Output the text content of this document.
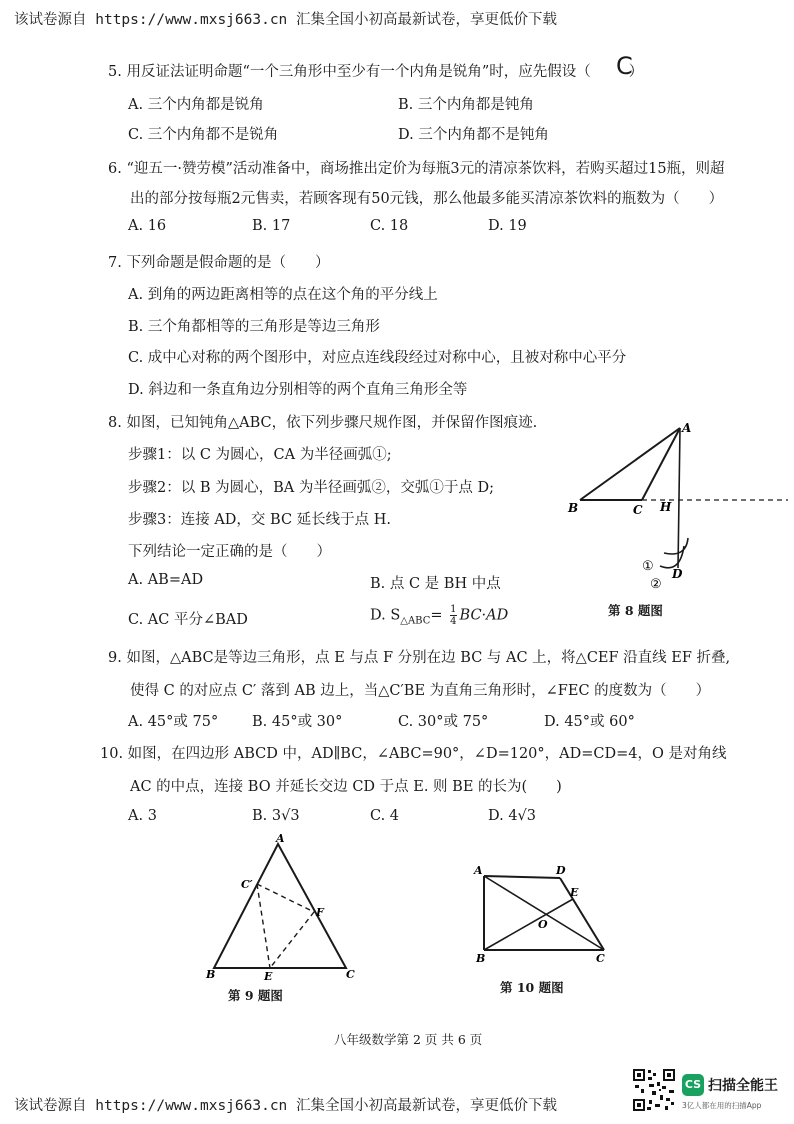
该试卷源自 https://www.mxsj663.cn 汇集全国小初高最新试卷，享更低价下载
5. 用反证法证明命题“一个三角形中至少有一个内角是锐角”时，应先假设（	）
C
A. 三个内角都是锐角	B. 三个内角都是钝角
C. 三个内角都不是锐角	D. 三个内角都不是钝角
6. “迎五一·赞劳模”活动准备中，商场推出定价为每瓶3元的清凉茶饮料，若购买超过15瓶，则超
出的部分按每瓶2元售卖，若顾客现有50元钱，那么他最多能买清凉茶饮料的瓶数为（　　）
A. 16	B. 17	C. 18	D. 19
7. 下列命题是假命题的是（　　）
A. 到角的两边距离相等的点在这个角的平分线上
B. 三个角都相等的三角形是等边三角形
C. 成中心对称的两个图形中，对应点连线段经过对称中心，且被对称中心平分
D. 斜边和一条直角边分别相等的两个直角三角形全等
8. 如图，已知钝角△ABC，依下列步骤尺规作图，并保留作图痕迹.
步骤1：以 C 为圆心，CA 为半径画弧①;
步骤2：以 B 为圆心，BA 为半径画弧②，交弧①于点 D;
步骤3：连接 AD，交 BC 延长线于点 H.
下列结论一定正确的是（　　）
A. AB=AD	B. 点 C 是 BH 中点
C. AC 平分∠BAD	D. $S_{\triangle ABC}= \frac{1}{4} BC\cdot AD$
A
B	C H
D
①
②
第 8 题图
9. 如图，△ABC是等边三角形，点 E 与点 F 分别在边 BC 与 AC 上，将△CEF 沿直线 EF 折叠,
使得 C 的对应点 C′ 落到 AB 边上，当△C′BE 为直角三角形时，∠FEC 的度数为（　　）
A. 45°或 75° B. 45°或 30°	C. 30°或 75°	D. 45°或 60°
10. 如图，在四边形 ABCD 中，AD∥BC，∠ABC=90°，∠D=120°，AD=CD=4，O 是对角线
AC 的中点，连接 BO 并延长交边 CD 于点 E. 则 BE 的长为(　　)
A. 3	B. 3√3	C. 4	D. 4√3
A
B	C
C′
E
F
第 9 题图
A	D
E
O
B	C
第 10 题图
八年级数学第 2 页 共 6 页
该试卷源自 https://www.mxsj663.cn 汇集全国小初高最新试卷，享更低价下载
CS 扫描全能王
3亿人都在用的扫描App
